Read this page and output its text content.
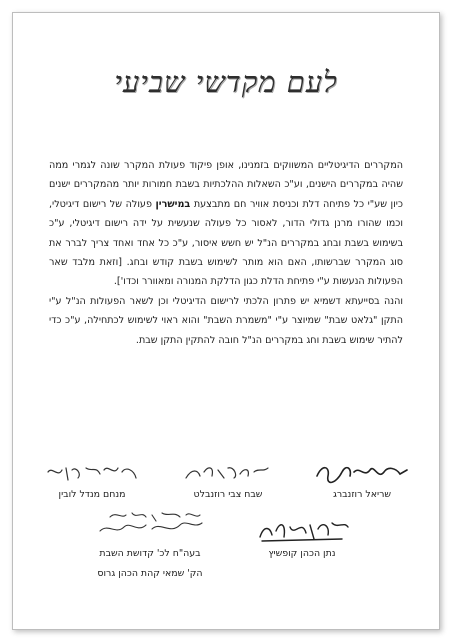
לעם מקדשי שביעי

המקררים הדיגיטליים המשווקים בזמנינו, אופן פיקוד פעולת המקרר שונה לגמרי ממה שהיה במקררים הישנים, וע"כ השאלות ההלכתיות בשבת חמורות יותר מהמקררים ישנים כיון שע"י כל פתיחה דלת וכניסת אוויר חם מתבצעת במישרין פעולה של רישום דיגיטלי, וכמו שהורו מרנן גדולי הדור, לאסור כל פעולה שנעשית על ידה רישום דיגיטלי, ע"כ בשימוש בשבת ובחג במקררים הנ"ל יש חשש איסור, ע"כ כל אחד ואחד צריך לברר את סוג המקרר שברשותו, האם הוא מותר לשימוש בשבת קודש ובחג. [וזאת מלבד שאר הפעולות הנעשות ע"י פתיחת הדלת כגון הדלקת המנורה ומאוורר וכדו'].

והנה בסייעתא דשמיא יש פתרון הלכתי לרישום הדיגיטלי וכן לשאר הפעולות הנ"ל ע"י התקן "גלאט שבת" שמיוצר ע"י "משמרת השבת" והוא ראוי לשימוש לכתחילה, ע"כ כדי להתיר שימוש בשבת וחג במקררים הנ"ל חובה להתקין התקן שבת.

שריאל רוזנברג
שבח צבי רוזנבלט
מנחם מנדל לובין
נתן הכהן קופשיץ
בעה"ח לכ' קדושת השבת
הק' שמאי קהת הכהן גרוס
